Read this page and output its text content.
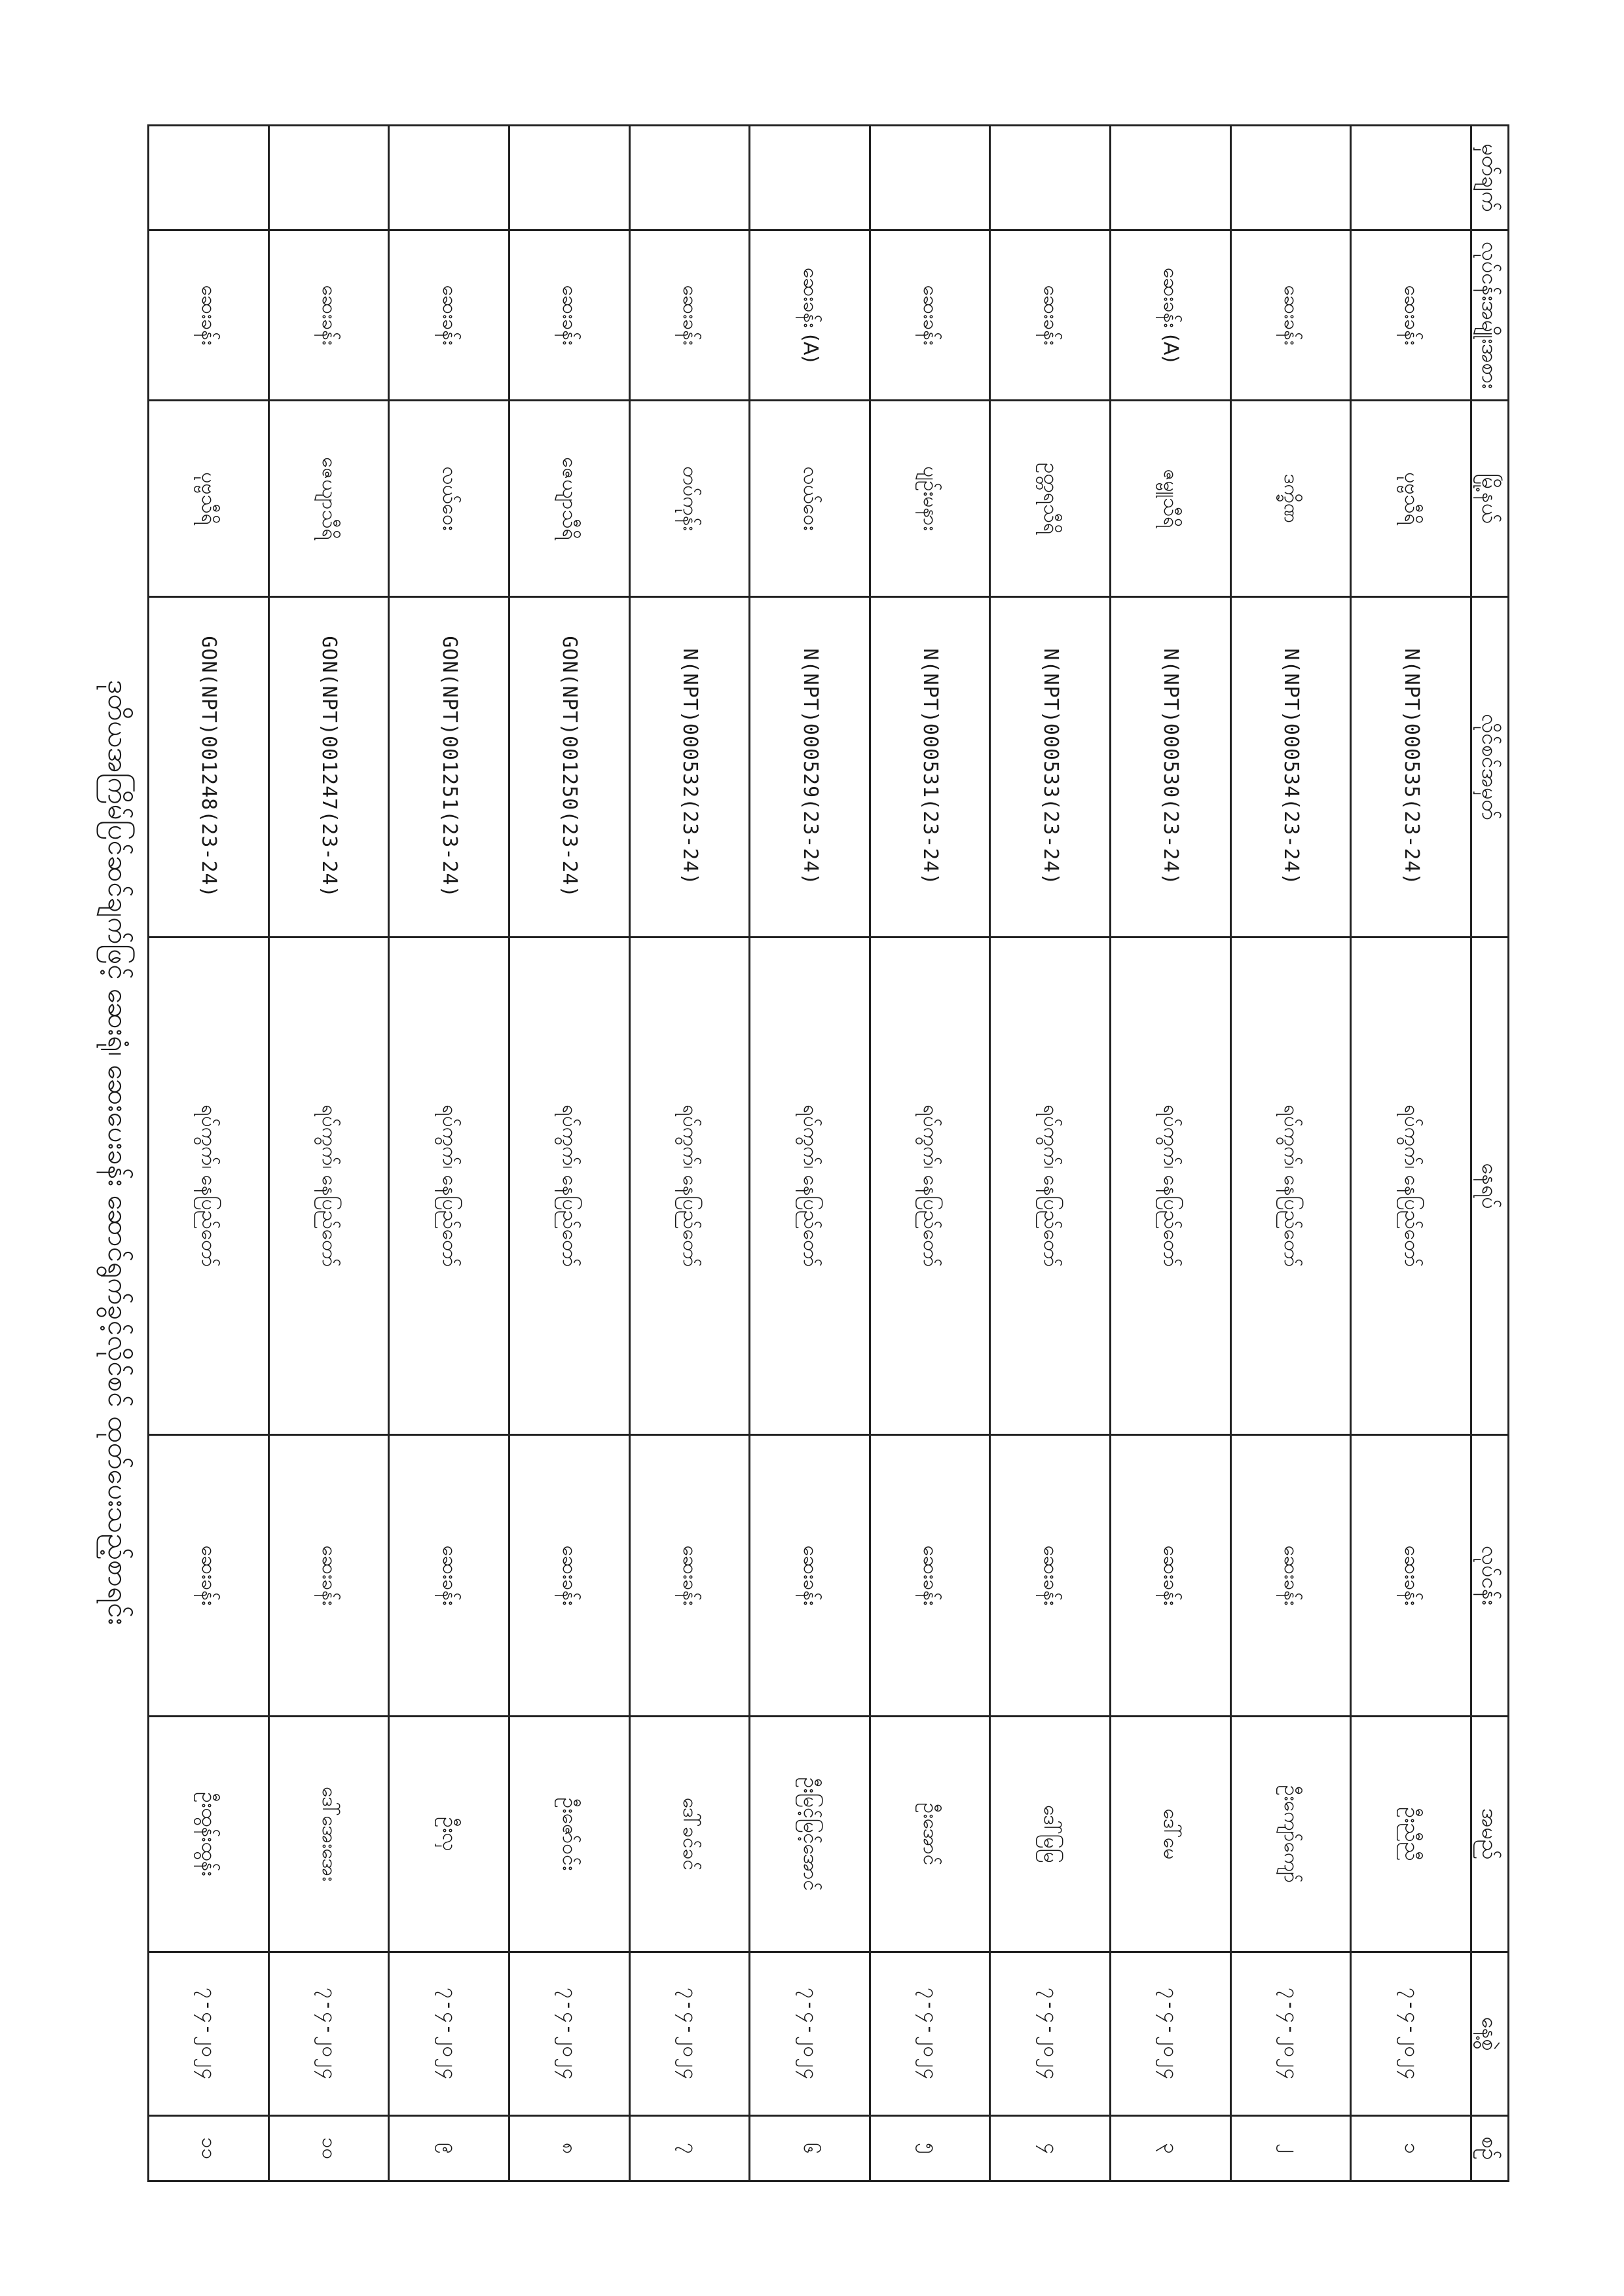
ဒုတိယအကြိမ်ပြင်ဆင်ချက်ဖြင့် ဆေးရုံ၊ ဆေးပေးခန်း ဆောင်ရွက်ခွင့်လိုင်စင် ထုတ်ပေးသည့်စာရင်း
မှတ်ချက်	လုပ်ငန်းအမျိုးအစား	မြို့နယ်	လိုင်စင်အမှတ်	နေရပ်	လုပ်ငန်း	အမည်	နေ့စွဲ	စဉ်
	ဆေးခန်း	ပုဗ္ဗသီရိ	N(NPT)000535(23-24)	ရပ်ကွက်၊ နေပြည်တော်	ဆေးခန်း	ဦးညီညီ	၇-၄-၂၀၂၄	၁
	ဆေးခန်း	ဒက္ခိဏ	N(NPT)000534(23-24)	ရပ်ကွက်၊ နေပြည်တော်	ဆေးခန်း	ဦးကျော်ကျော်	၇-၄-၂၀၂၄	၂
	ဆေးခန်း (A)	ဇမ္ဗူသီရိ	N(NPT)000530(23-24)	ရပ်ကွက်၊ နေပြည်တော်	ဆေးခန်း	ဒေါ်မေ	၇-၄-၂၀၂၄	၃
	ဆေးခန်း	ဥတ္တရသီရိ	N(NPT)000533(23-24)	ရပ်ကွက်၊ နေပြည်တော်	ဆေးခန်း	ဒေါ်မြမြ	၇-၄-၂၀၂၄	၄
	ဆေးခန်း	ပျဉ်းမနား	N(NPT)000531(23-24)	ရပ်ကွက်၊ နေပြည်တော်	ဆေးခန်း	ဦးအောင်	၇-၄-၂၀၂၄	၅
	ဆေးခန်း (A)	လယ်ဝေး	N(NPT)000529(23-24)	ရပ်ကွက်၊ နေပြည်တော်	ဆေးခန်း	ဦးမြင့်မြင့်အောင်	၇-၄-၂၀၂၄	၆
	ဆေးခန်း	တပ်ကုန်း	N(NPT)000532(23-24)	ရပ်ကွက်၊ နေပြည်တော်	ဆေးခန်း	ဒေါ်ခင်ခင်	၇-၄-၂၀၂၄	၇
	ဆေးခန်း	ဇေယျာသီရိ	GON(NPT)001250(23-24)	ရပ်ကွက်၊ နေပြည်တော်	ဆေးခန်း	ဦးဇော်ဝင်း	၇-၄-၂၀၂၄	၈
	ဆေးခန်း	လယ်ဝေး	GON(NPT)001251(23-24)	ရပ်ကွက်၊ နေပြည်တော်	ဆေးခန်း	ဦးလှ	၇-၄-၂၀၂၄	၉
	ဆေးခန်း	ဇေယျာသီရိ	GON(NPT)001247(23-24)	ရပ်ကွက်၊ နေပြည်တော်	ဆေးခန်း	ဒေါ်အေးအေး	၇-၄-၂၀၂၄	၁၀
	ဆေးခန်း	ပုဗ္ဗသီရိ	GON(NPT)001248(23-24)	ရပ်ကွက်၊ နေပြည်တော်	ဆေးခန်း	ဦးထွန်းထွန်း	၇-၄-၂၀၂၄	၁၁
